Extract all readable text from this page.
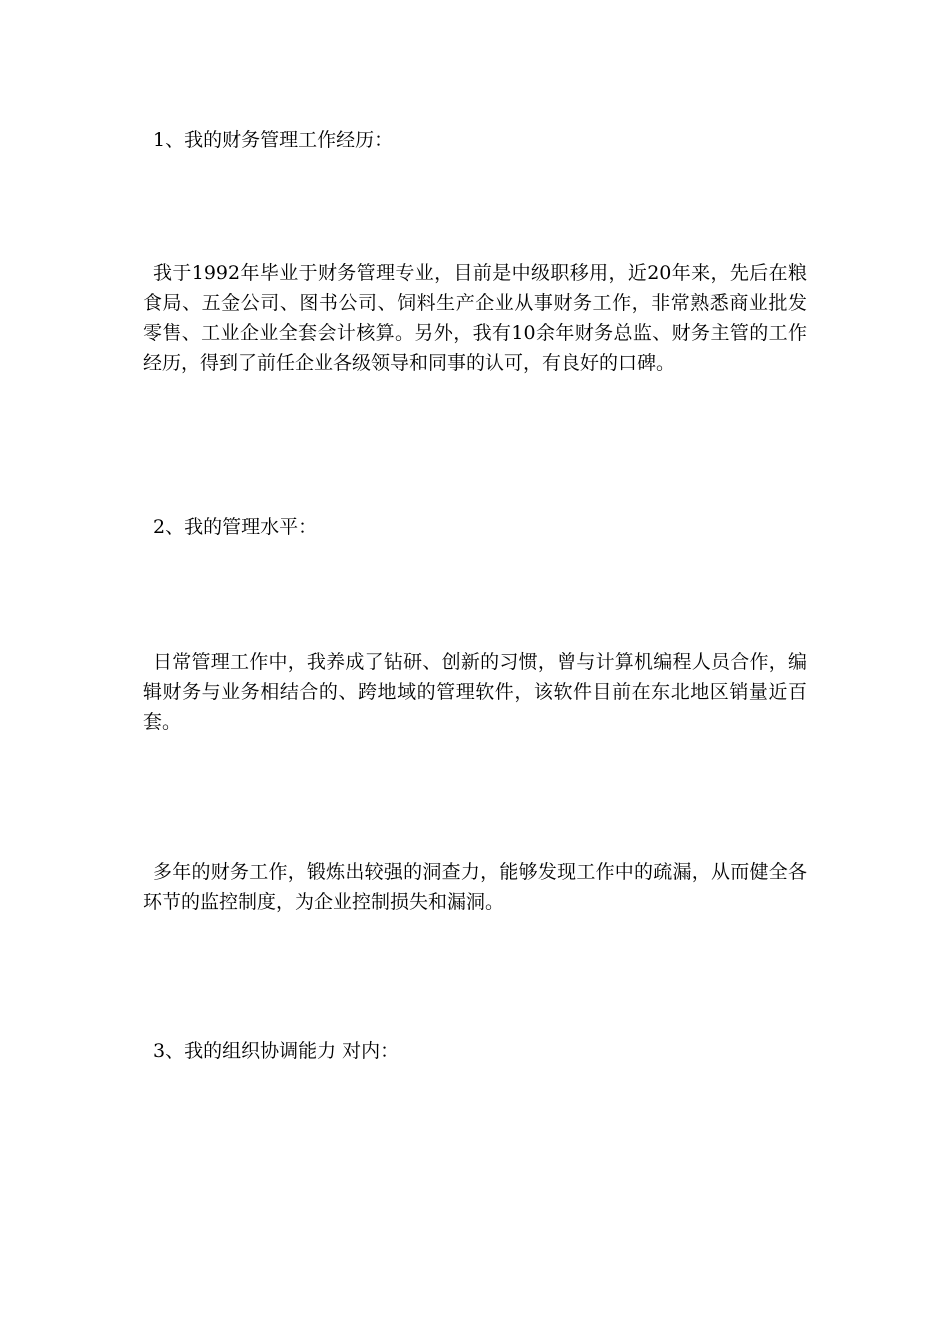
1、我的财务管理工作经历：

我于1992年毕业于财务管理专业，目前是中级职移用，近20年来，先后在粮食局、五金公司、图书公司、饲料生产企业从事财务工作，非常熟悉商业批发零售、工业企业全套会计核算。另外，我有10余年财务总监、财务主管的工作经历，得到了前任企业各级领导和同事的认可，有良好的口碑。

2、我的管理水平：

日常管理工作中，我养成了钻研、创新的习惯，曾与计算机编程人员合作，编辑财务与业务相结合的、跨地域的管理软件，该软件目前在东北地区销量近百套。

多年的财务工作，锻炼出较强的洞查力，能够发现工作中的疏漏，从而健全各环节的监控制度，为企业控制损失和漏洞。

3、我的组织协调能力 对内：
